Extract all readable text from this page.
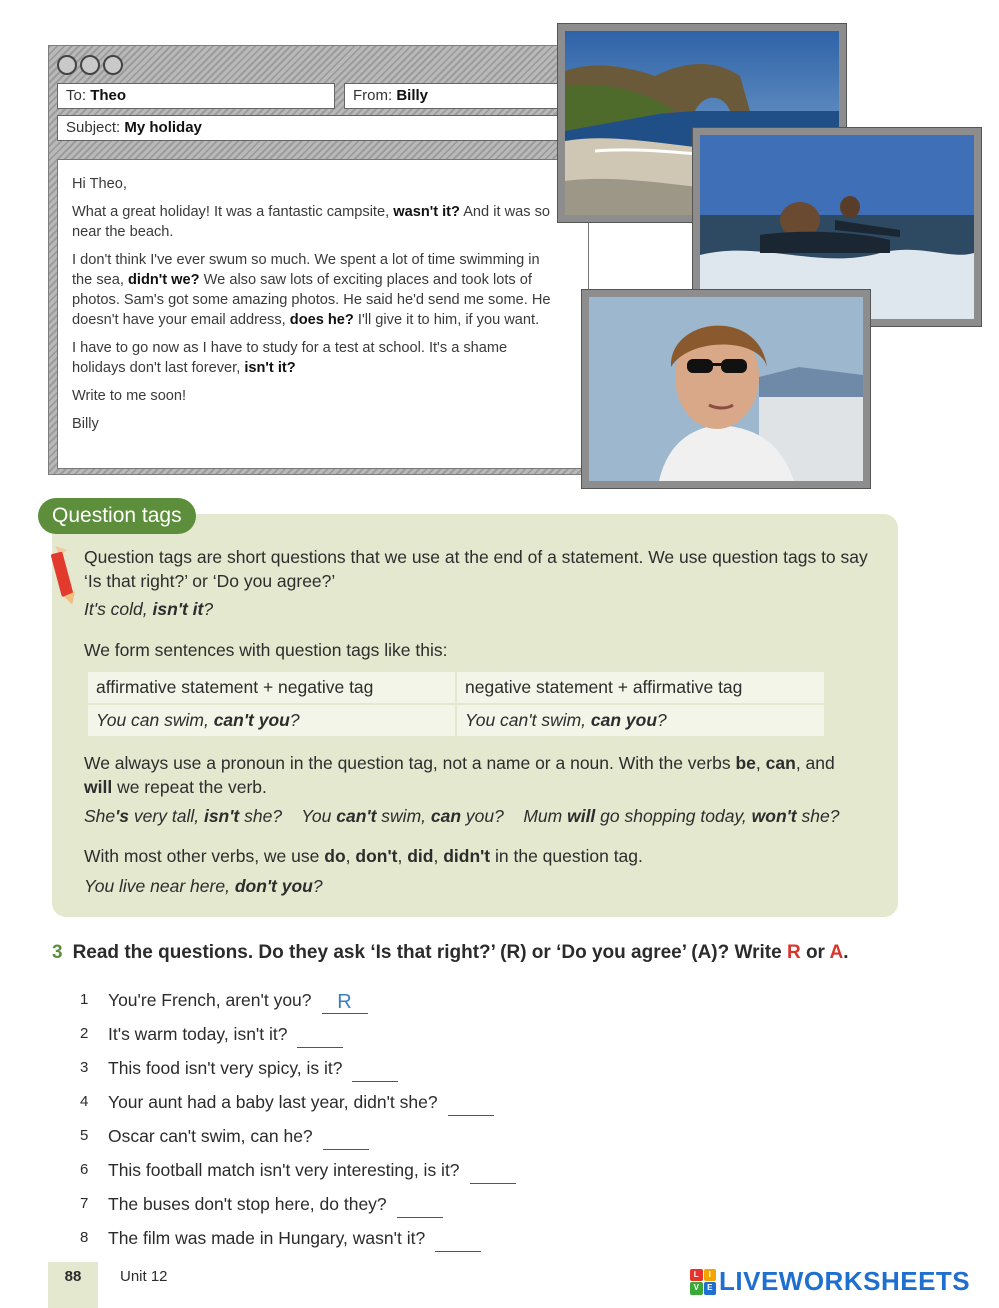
To: Theo	From: Billy
Subject: My holiday

Hi Theo,

What a great holiday! It was a fantastic campsite, wasn't it? And it was so near the beach.

I don't think I've ever swum so much. We spent a lot of time swimming in the sea, didn't we? We also saw lots of exciting places and took lots of photos. Sam's got some amazing photos. He said he'd send me some. He doesn't have your email address, does he? I'll give it to him, if you want.

I have to go now as I have to study for a test at school. It's a shame holidays don't last forever, isn't it?

Write to me soon!

Billy

Question tags
Question tags are short questions that we use at the end of a statement. We use question tags to say ‘Is that right?’ or ‘Do you agree?’
It's cold, isn't it?
We form sentences with question tags like this:
affirmative statement + negative tag	negative statement + affirmative tag
You can swim, can't you?	You can't swim, can you?
We always use a pronoun in the question tag, not a name or a noun. With the verbs be, can, and will we repeat the verb.
She's very tall, isn't she? You can't swim, can you? Mum will go shopping today, won't she?
With most other verbs, we use do, don't, did, didn't in the question tag.
You live near here, don't you?
3 Read the questions. Do they ask ‘Is that right?’ (R) or ‘Do you agree’ (A)? Write R or A.
1	You're French, aren't you?	R
2	It's warm today, isn't it?
3	This food isn't very spicy, is it?
4	Your aunt had a baby last year, didn't she?
5	Oscar can't swim, can he?
6	This football match isn't very interesting, is it?
7	The buses don't stop here, do they?
8	The film was made in Hungary, wasn't it?
88	Unit 12	L	I
V	E LIVEWORKSHEETS
